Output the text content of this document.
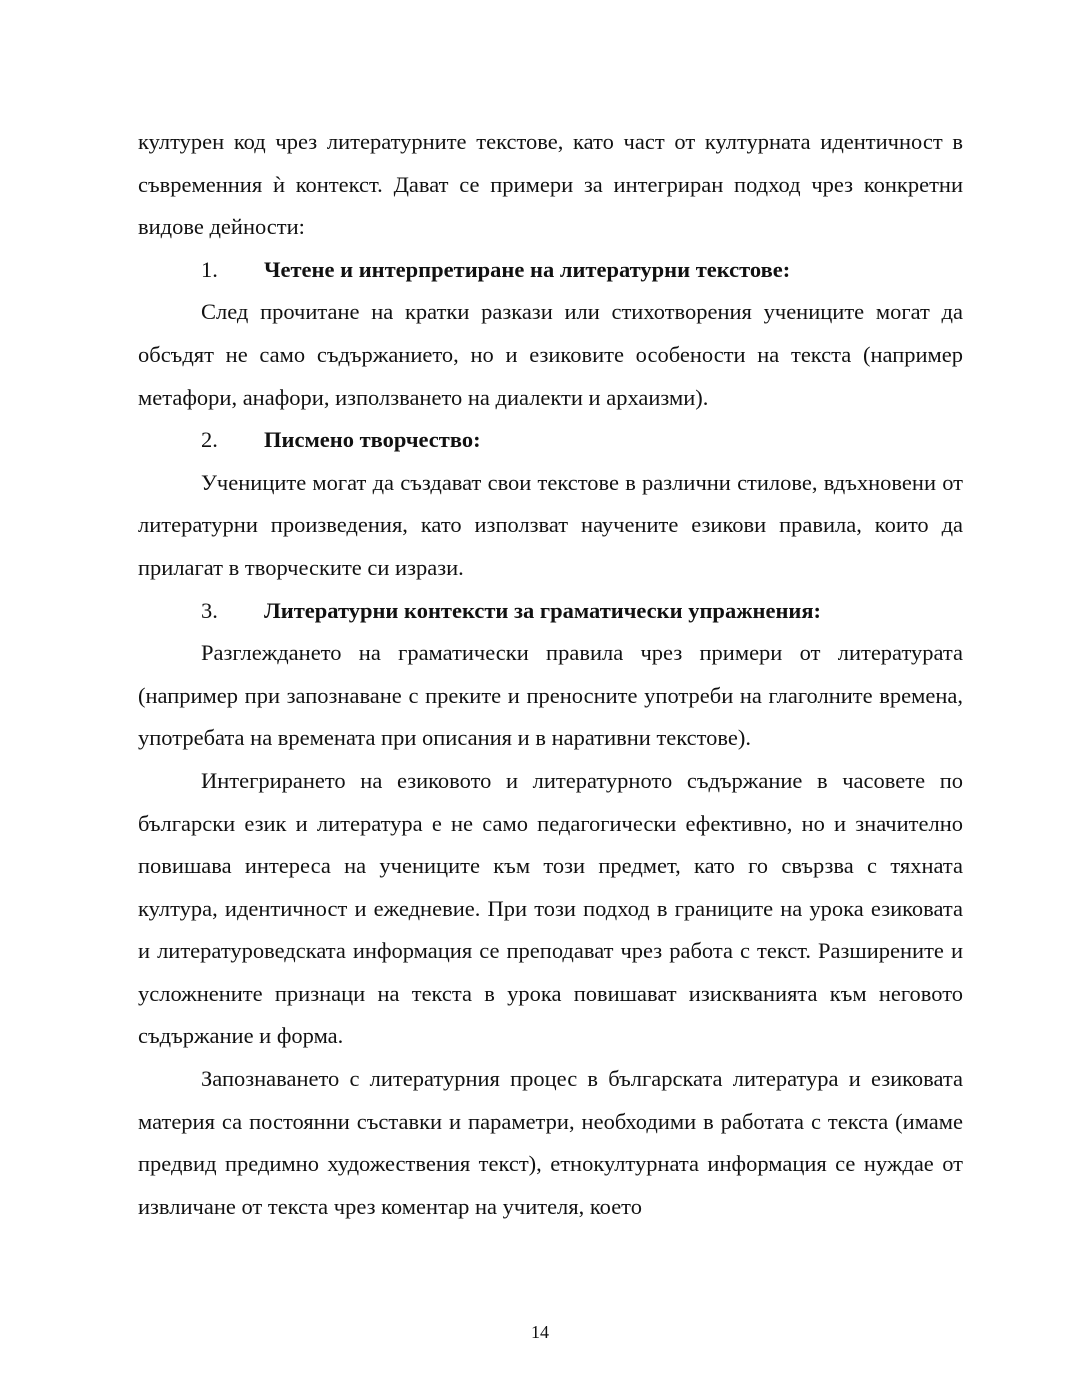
културен код чрез литературните текстове, като част от културната идентичност в съвременния ѝ контекст. Дават се примери за интегриран подход чрез конкретни видове дейности:

1.	Четене и интерпретиране на литературни текстове:

След прочитане на кратки разкази или стихотворения учениците могат да обсъдят не само съдържанието, но и езиковите особености на текста (например метафори, анафори, използването на диалекти и архаизми).

2.	Писмено творчество:

Учениците могат да създават свои текстове в различни стилове, вдъхновени от литературни произведения, като използват научените езикови правила, които да прилагат в творческите си изрази.

3.	Литературни контексти за граматически упражнения:

Разглеждането на граматически правила чрез примери от литературата (например при запознаване с преките и преносните употреби на глаголните времена, употребата на времената при описания и в наративни текстове).

Интегрирането на езиковото и литературното съдържание в часовете по български език и литература е не само педагогически ефективно, но и значително повишава интереса на учениците към този предмет, като го свързва с тяхната култура, идентичност и ежедневие. При този подход в границите на урока езиковата и литературоведската информация се преподават чрез работа с текст. Разширените и усложнените признаци на текста в урока повишават изискванията към неговото съдържание и форма.

Запознаването с литературния процес в българската литература и езиковата материя са постоянни съставки и параметри, необходими в работата с текста (имаме предвид предимно художествения текст), етнокултурната информация се нуждае от извличане от текста чрез коментар на учителя, което

14
